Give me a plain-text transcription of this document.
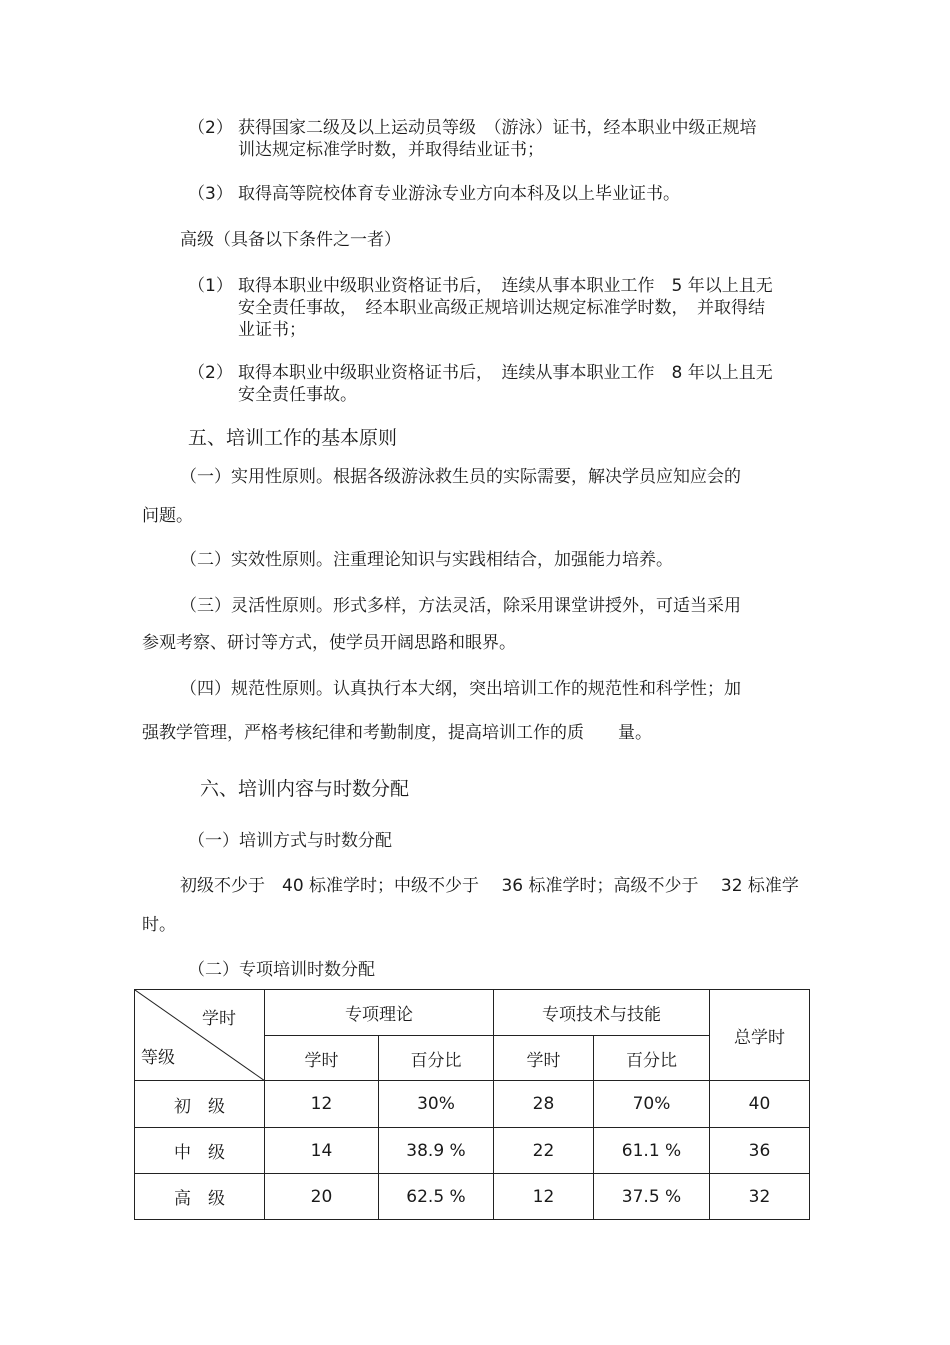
（2） 获得国家二级及以上运动员等级　（游泳）证书，经本职业中级正规培
训达规定标准学时数，并取得结业证书；
（3） 取得高等院校体育专业游泳专业方向本科及以上毕业证书。
高级（具备以下条件之一者）
（1） 取得本职业中级职业资格证书后，　连续从事本职业工作　5 年以上且无
安全责任事故，　经本职业高级正规培训达规定标准学时数，　并取得结
业证书；
（2） 取得本职业中级职业资格证书后，　连续从事本职业工作　8 年以上且无
安全责任事故。
五、培训工作的基本原则
（一）实用性原则。根据各级游泳救生员的实际需要，解决学员应知应会的
问题。
（二）实效性原则。注重理论知识与实践相结合，加强能力培养。
（三）灵活性原则。形式多样，方法灵活，除采用课堂讲授外，可适当采用
参观考察、研讨等方式，使学员开阔思路和眼界。
（四）规范性原则。认真执行本大纲，突出培训工作的规范性和科学性；加
强教学管理，严格考核纪律和考勤制度，提高培训工作的质　　量。
六、培训内容与时数分配
（一）培训方式与时数分配
初级不少于　40 标准学时；中级不少于　 36 标准学时；高级不少于　 32 标准学
时。
（二）专项培训时数分配
学时
等级	专项理论		专项技术与技能		总学时
	学时	百分比	学时	百分比	
初　级	12	30%	28	70%	40
中　级	14	38.9 %	22	61.1 %	36
高　级	20	62.5 %	12	37.5 %	32
